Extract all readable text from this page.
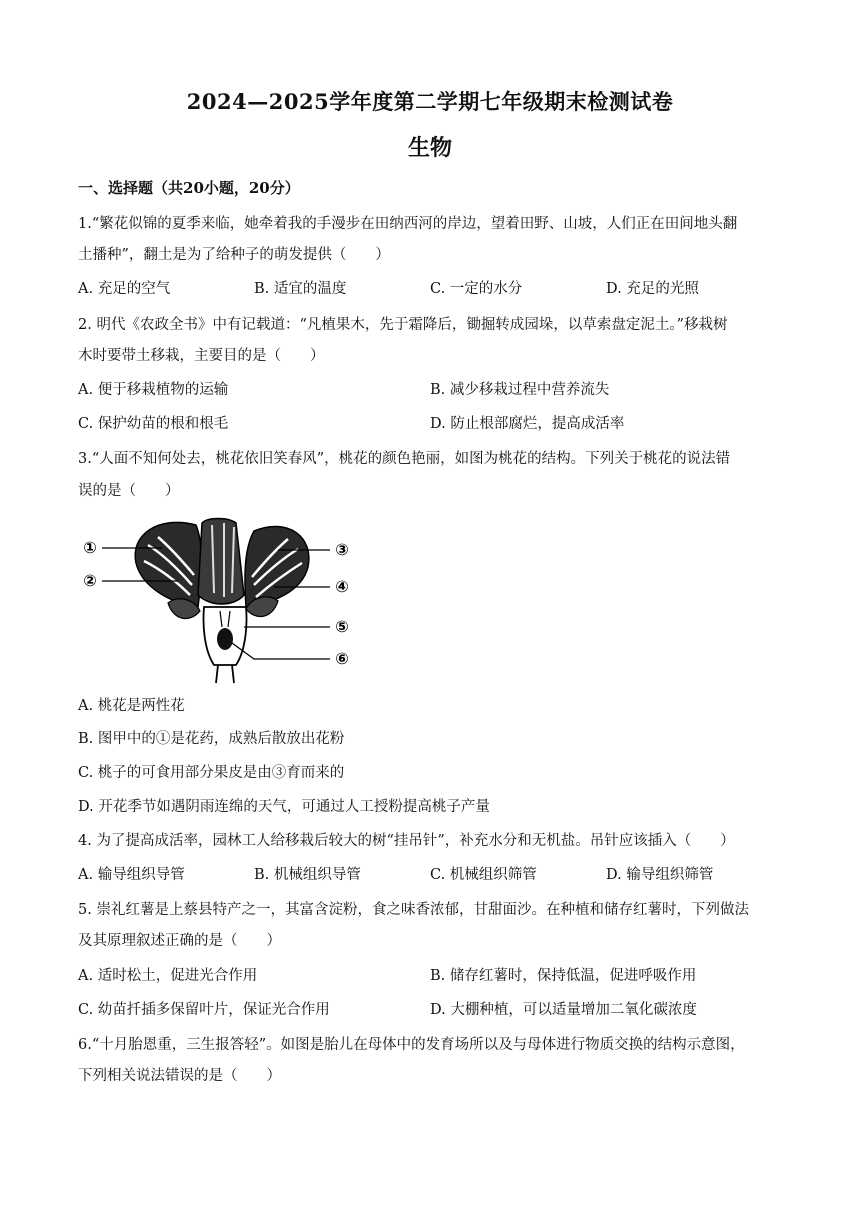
2024—2025学年度第二学期七年级期末检测试卷
生物
一、选择题（共20小题，20分）
1.“繁花似锦的夏季来临，她牵着我的手漫步在田纳西河的岸边，望着田野、山坡，人们正在田间地头翻
土播种”，翻土是为了给种子的萌发提供（　　）
A. 充足的空气	B. 适宜的温度	C. 一定的水分	D. 充足的光照
2. 明代《农政全书》中有记载道：“凡植果木，先于霜降后，锄掘转成园垛，以草索盘定泥土。”移栽树
木时要带土移栽，主要目的是（　　）
A. 便于移栽植物的运输	B. 减少移栽过程中营养流失
C. 保护幼苗的根和根毛	D. 防止根部腐烂，提高成活率
3.“人面不知何处去，桃花依旧笑春风”，桃花的颜色艳丽，如图为桃花的结构。下列关于桃花的说法错
误的是（　　）
①
②
③
④
⑤
⑥
A. 桃花是两性花
B. 图甲中的①是花药，成熟后散放出花粉
C. 桃子的可食用部分果皮是由③育而来的
D. 开花季节如遇阴雨连绵的天气，可通过人工授粉提高桃子产量
4. 为了提高成活率，园林工人给移栽后较大的树“挂吊针”，补充水分和无机盐。吊针应该插入（　　）
A. 输导组织导管	B. 机械组织导管	C. 机械组织筛管	D. 输导组织筛管
5. 崇礼红薯是上蔡县特产之一，其富含淀粉，食之味香浓郁，甘甜面沙。在种植和储存红薯时，下列做法
及其原理叙述正确的是（　　）
A. 适时松土，促进光合作用	B. 储存红薯时，保持低温，促进呼吸作用
C. 幼苗扦插多保留叶片，保证光合作用	D. 大棚种植，可以适量增加二氧化碳浓度
6.“十月胎恩重，三生报答轻”。如图是胎儿在母体中的发育场所以及与母体进行物质交换的结构示意图，
下列相关说法错误的是（　　）
